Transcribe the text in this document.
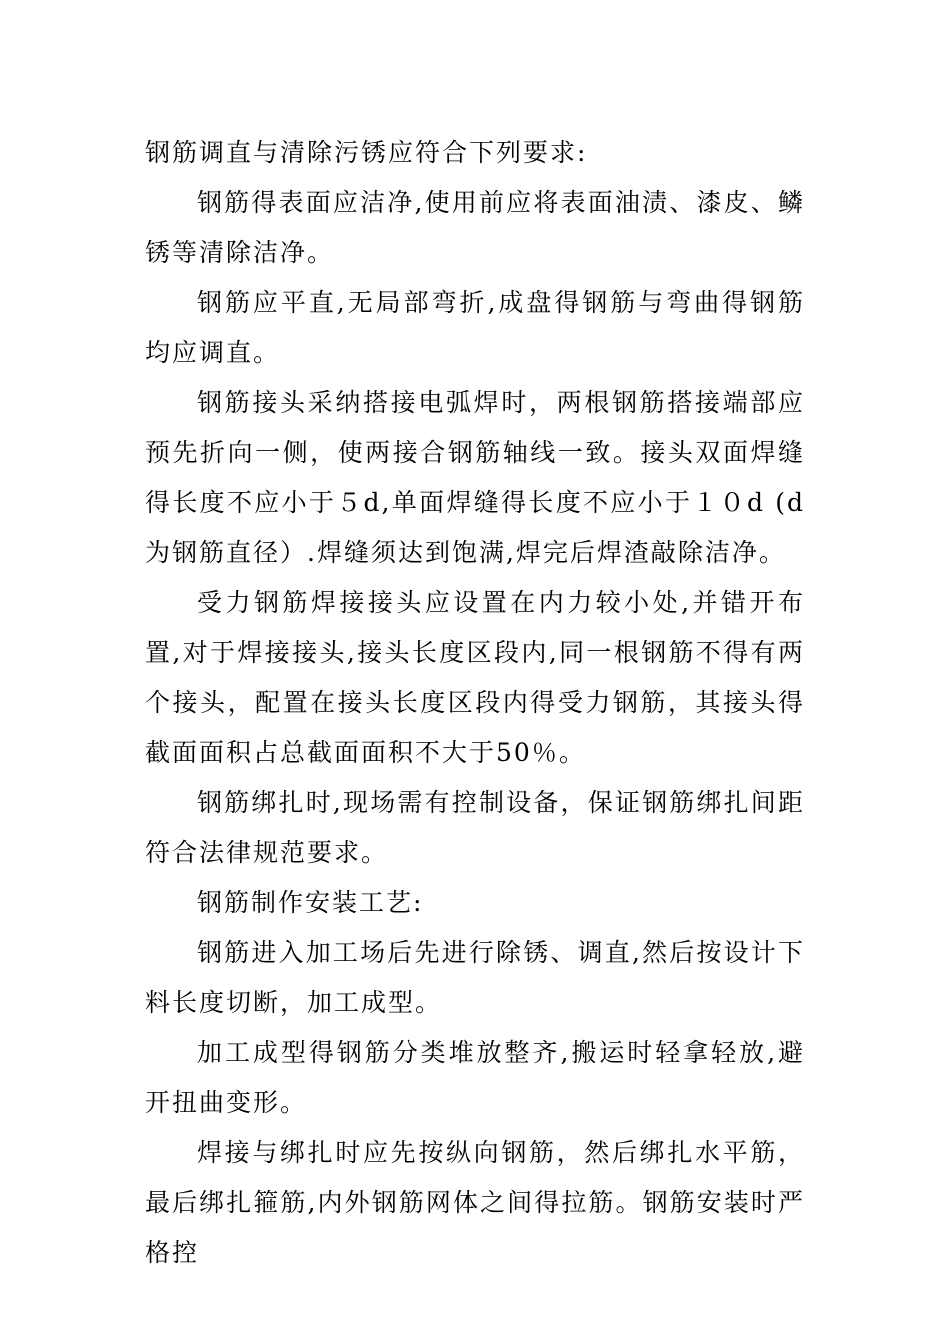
钢筋调直与清除污锈应符合下列要求:

钢筋得表面应洁净,使用前应将表面油渍、漆皮、鳞锈等清除洁净。

钢筋应平直,无局部弯折,成盘得钢筋与弯曲得钢筋均应调直。

钢筋接头采纳搭接电弧焊时，两根钢筋搭接端部应预先折向一侧，使两接合钢筋轴线一致。接头双面焊缝得长度不应小于５d,单面焊缝得长度不应小于１０d (d为钢筋直径）.焊缝须达到饱满,焊完后焊渣敲除洁净。

受力钢筋焊接接头应设置在内力较小处,并错开布置,对于焊接接头,接头长度区段内,同一根钢筋不得有两个接头，配置在接头长度区段内得受力钢筋，其接头得截面面积占总截面面积不大于50％。

钢筋绑扎时,现场需有控制设备，保证钢筋绑扎间距符合法律规范要求。

钢筋制作安装工艺:

钢筋进入加工场后先进行除锈、调直,然后按设计下料长度切断，加工成型。

加工成型得钢筋分类堆放整齐,搬运时轻拿轻放,避开扭曲变形。

焊接与绑扎时应先按纵向钢筋，然后绑扎水平筋，最后绑扎箍筋,内外钢筋网体之间得拉筋。钢筋安装时严格控
